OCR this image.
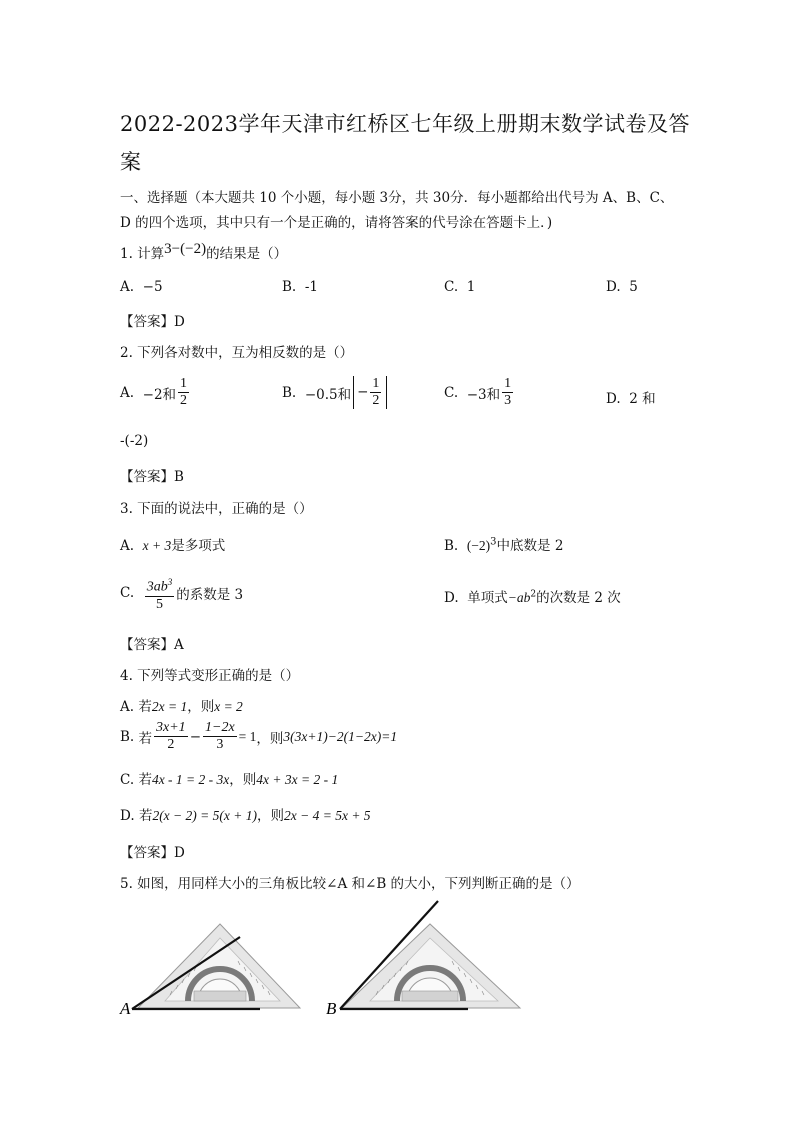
2022-2023学年天津市红桥区七年级上册期末数学试卷及答
案
一、选择题（本大题共 10 个小题，每小题 3分，共 30分．每小题都给出代号为 A、B、C、
D 的四个选项，其中只有一个是正确的，请将答案的代号涂在答题卡上．)
1. 计算3−(−2)的结果是（）
A. −5	B. -1	C. 1	D. 5
【答案】D
2. 下列各对数中，互为相反数的是（）
A.
−2和 $\frac{1}{2}$	B.
−0.5和 − $\frac{1}{2}$	C.
−3和 $\frac{1}{3}$	D. 2 和
-(-2)
【答案】B
3. 下面的说法中，正确的是（）
A. x + 3是多项式	B. $(-2)^3$中底数是 2
C.
$\frac{3ab^3}{5}$ 的系数是 3	D. 单项式$-ab^2$的次数是 2 次
【答案】A
4. 下列等式变形正确的是（）
A. 若2x = 1，则x = 2
B.
若 $\frac{3x+1}{2} - \frac{1-2x}{3} = 1$ ，则 3(3x+1)−2(1−2x)=1
C. 若4x - 1 = 2 - 3x，则4x + 3x = 2 - 1
D. 若2(x − 2) = 5(x + 1)，则2x − 4 = 5x + 5
【答案】D
5. 如图，用同样大小的三角板比较∠A 和∠B 的大小，下列判断正确的是（）
A	B
